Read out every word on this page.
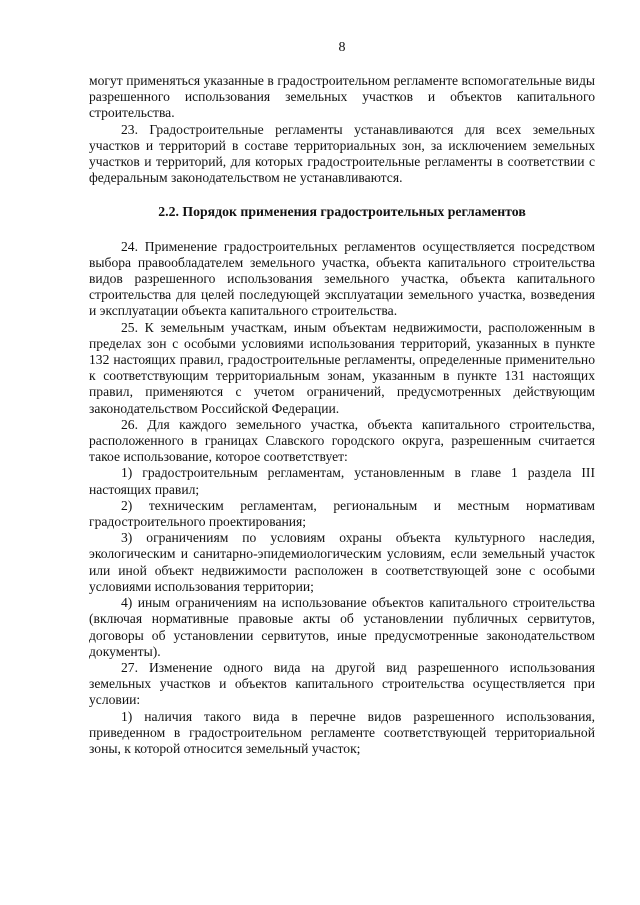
8

могут применяться указанные в градостроительном регламенте вспомогательные виды разрешенного использования земельных участков и объектов капитального строительства.

23. Градостроительные регламенты устанавливаются для всех земельных участков и территорий в составе территориальных зон, за исключением земельных участков и территорий, для которых градостроительные регламенты в соответствии с федеральным законодательством не устанавливаются.

2.2. Порядок применения градостроительных регламентов

24. Применение градостроительных регламентов осуществляется посредством выбора правообладателем земельного участка, объекта капитального строительства видов разрешенного использования земельного участка, объекта капитального строительства для целей последующей эксплуатации земельного участка, возведения и эксплуатации объекта капитального строительства.

25. К земельным участкам, иным объектам недвижимости, расположенным в пределах зон с особыми условиями использования территорий, указанных в пункте 132 настоящих правил, градостроительные регламенты, определенные применительно к соответствующим территориальным зонам, указанным в пункте 131 настоящих правил, применяются с учетом ограничений, предусмотренных действующим законодательством Российской Федерации.

26. Для каждого земельного участка, объекта капитального строительства, расположенного в границах Славского городского округа, разрешенным считается такое использование, которое соответствует:

1) градостроительным регламентам, установленным в главе 1 раздела III настоящих правил;

2) техническим регламентам, региональным и местным нормативам градостроительного проектирования;

3) ограничениям по условиям охраны объекта культурного наследия, экологическим и санитарно-эпидемиологическим условиям, если земельный участок или иной объект недвижимости расположен в соответствующей зоне с особыми условиями использования территории;

4) иным ограничениям на использование объектов капитального строительства (включая нормативные правовые акты об установлении публичных сервитутов, договоры об установлении сервитутов, иные предусмотренные законодательством документы).

27. Изменение одного вида на другой вид разрешенного использования земельных участков и объектов капитального строительства осуществляется при условии:

1) наличия такого вида в перечне видов разрешенного использования, приведенном в градостроительном регламенте соответствующей территориальной зоны, к которой относится земельный участок;
